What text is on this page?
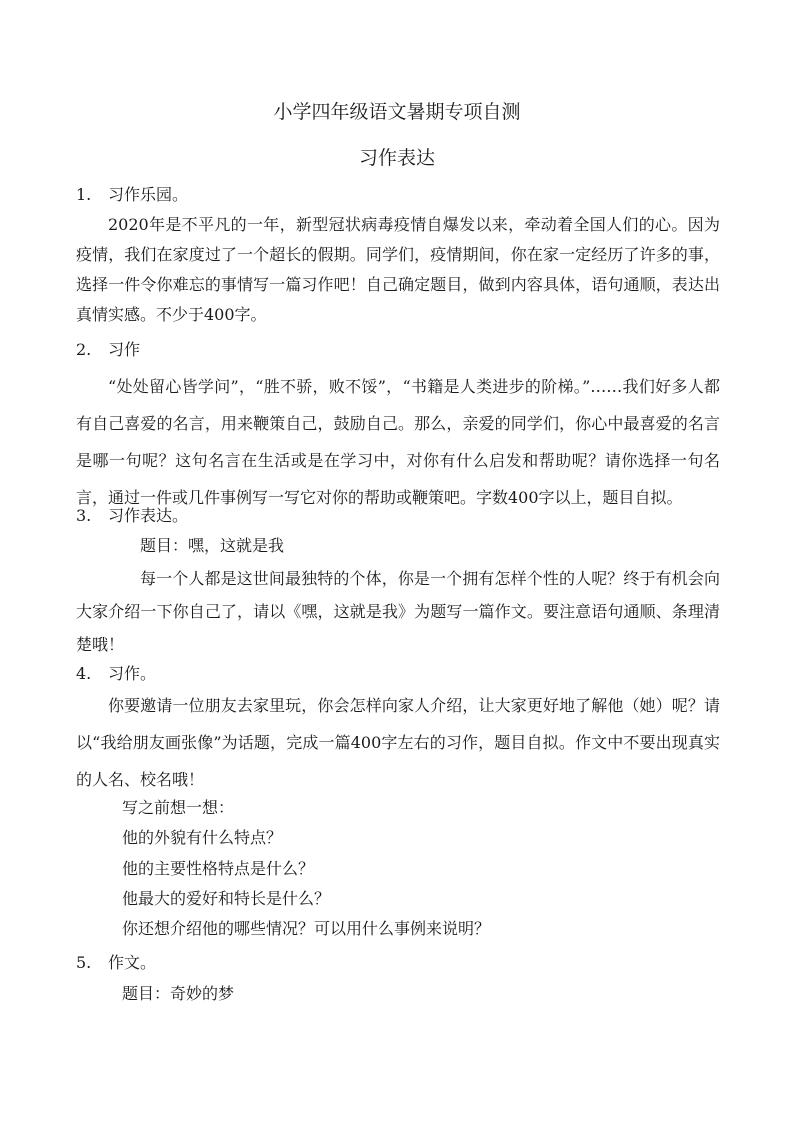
小学四年级语文暑期专项自测
习作表达
1. 习作乐园。

2020年是不平凡的一年，新型冠状病毒疫情自爆发以来，牵动着全国人们的心。因为疫情，我们在家度过了一个超长的假期。同学们，疫情期间，你在家一定经历了许多的事，选择一件令你难忘的事情写一篇习作吧！自己确定题目，做到内容具体，语句通顺，表达出真情实感。不少于400字。

2. 习作

“处处留心皆学问”，“胜不骄，败不馁”，“书籍是人类进步的阶梯。”……我们好多人都有自己喜爱的名言，用来鞭策自己，鼓励自己。那么，亲爱的同学们，你心中最喜爱的名言是哪一句呢？这句名言在生活或是在学习中，对你有什么启发和帮助呢？请你选择一句名言，通过一件或几件事例写一写它对你的帮助或鞭策吧。字数400字以上，题目自拟。

3. 习作表达。
题目：嘿，这就是我

每一个人都是这世间最独特的个体，你是一个拥有怎样个性的人呢？终于有机会向大家介绍一下你自己了，请以《嘿，这就是我》为题写一篇作文。要注意语句通顺、条理清楚哦！

4. 习作。

你要邀请一位朋友去家里玩，你会怎样向家人介绍，让大家更好地了解他（她）呢？请以“我给朋友画张像”为话题，完成一篇400字左右的习作，题目自拟。作文中不要出现真实的人名、校名哦！

写之前想一想：
他的外貌有什么特点？
他的主要性格特点是什么？
他最大的爱好和特长是什么？
你还想介绍他的哪些情况？可以用什么事例来说明？
5. 作文。
题目：奇妙的梦
